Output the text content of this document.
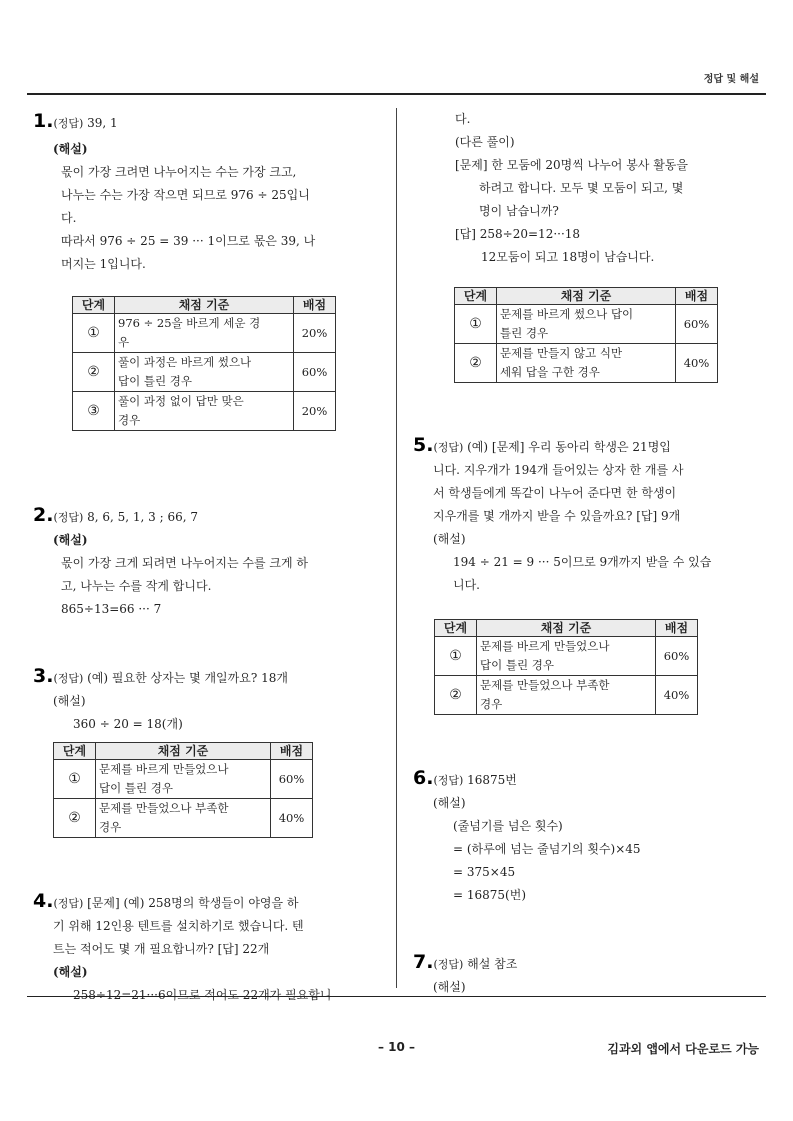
정답 및 해설
– 10 –	김과외 앱에서 다운로드 가능
1.(정답) 39, 1
(해설)
몫이 가장 크려면 나누어지는 수는 가장 크고,
나누는 수는 가장 작으면 되므로 976 ÷ 25입니
다.
따라서 976 ÷ 25 = 39 ··· 1이므로 몫은 39, 나
머지는 1입니다.
단계	채점 기준	배점
①	976 ÷ 25을 바르게 세운 경
우	20%
②	풀이 과정은 바르게 썼으나
답이 틀린 경우	60%
③	풀이 과정 없이 답만 맞은
경우	20%
2.(정답) 8, 6, 5, 1, 3 ; 66, 7
(해설)
몫이 가장 크게 되려면 나누어지는 수를 크게 하
고, 나누는 수를 작게 합니다.
865÷13=66 ··· 7
3.(정답) (예) 필요한 상자는 몇 개일까요? 18개
(해설)
360 ÷ 20 = 18(개)
단계	채점 기준	배점
①	문제를 바르게 만들었으나
답이 틀린 경우	60%
②	문제를 만들었으나 부족한
경우	40%
4.(정답) [문제] (예) 258명의 학생들이 야영을 하
기 위해 12인용 텐트를 설치하기로 했습니다. 텐
트는 적어도 몇 개 필요합니까? [답] 22개
(해설)
258÷12=21···6이므로 적어도 22개가 필요합니
다.
(다른 풀이)
[문제] 한 모둠에 20명씩 나누어 봉사 활동을
하려고 합니다. 모두 몇 모둠이 되고, 몇
명이 남습니까?
[답] 258÷20=12···18
12모둠이 되고 18명이 남습니다.
단계	채점 기준	배점
①	문제를 바르게 썼으나 답이
틀린 경우	60%
②	문제를 만들지 않고 식만
세워 답을 구한 경우	40%
5.(정답) (예) [문제] 우리 동아리 학생은 21명입
니다. 지우개가 194개 들어있는 상자 한 개를 사
서 학생들에게 똑같이 나누어 준다면 한 학생이
지우개를 몇 개까지 받을 수 있을까요? [답] 9개
(해설)
194 ÷ 21 = 9 ··· 5이므로 9개까지 받을 수 있습
니다.
단계	채점 기준	배점
①	문제를 바르게 만들었으나
답이 틀린 경우	60%
②	문제를 만들었으나 부족한
경우	40%
6.(정답) 16875번
(해설)
(줄넘기를 넘은 횟수)
= (하루에 넘는 줄넘기의 횟수)×45
= 375×45
= 16875(번)
7.(정답) 해설 참조
(해설)
